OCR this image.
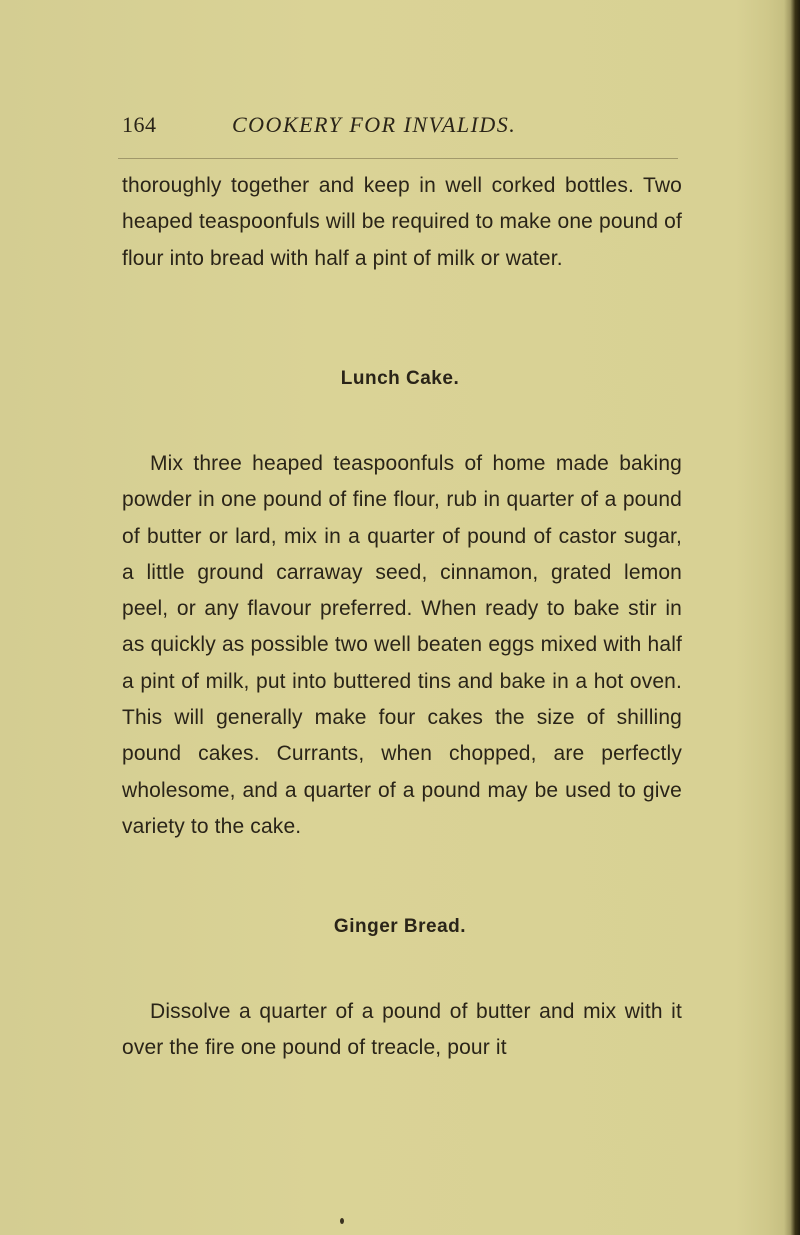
164	COOKERY FOR INVALIDS.
thoroughly together and keep in well corked bottles. Two heaped teaspoonfuls will be required to make one pound of flour into bread with half a pint of milk or water.
Lunch Cake.
Mix three heaped teaspoonfuls of home made baking powder in one pound of fine flour, rub in quarter of a pound of butter or lard, mix in a quarter of pound of castor sugar, a little ground carraway seed, cinnamon, grated lemon peel, or any flavour preferred. When ready to bake stir in as quickly as possible two well beaten eggs mixed with half a pint of milk, put into buttered tins and bake in a hot oven. This will generally make four cakes the size of shilling pound cakes. Currants, when chopped, are perfectly wholesome, and a quarter of a pound may be used to give variety to the cake.
Ginger Bread.
Dissolve a quarter of a pound of butter and mix with it over the fire one pound of treacle, pour it
